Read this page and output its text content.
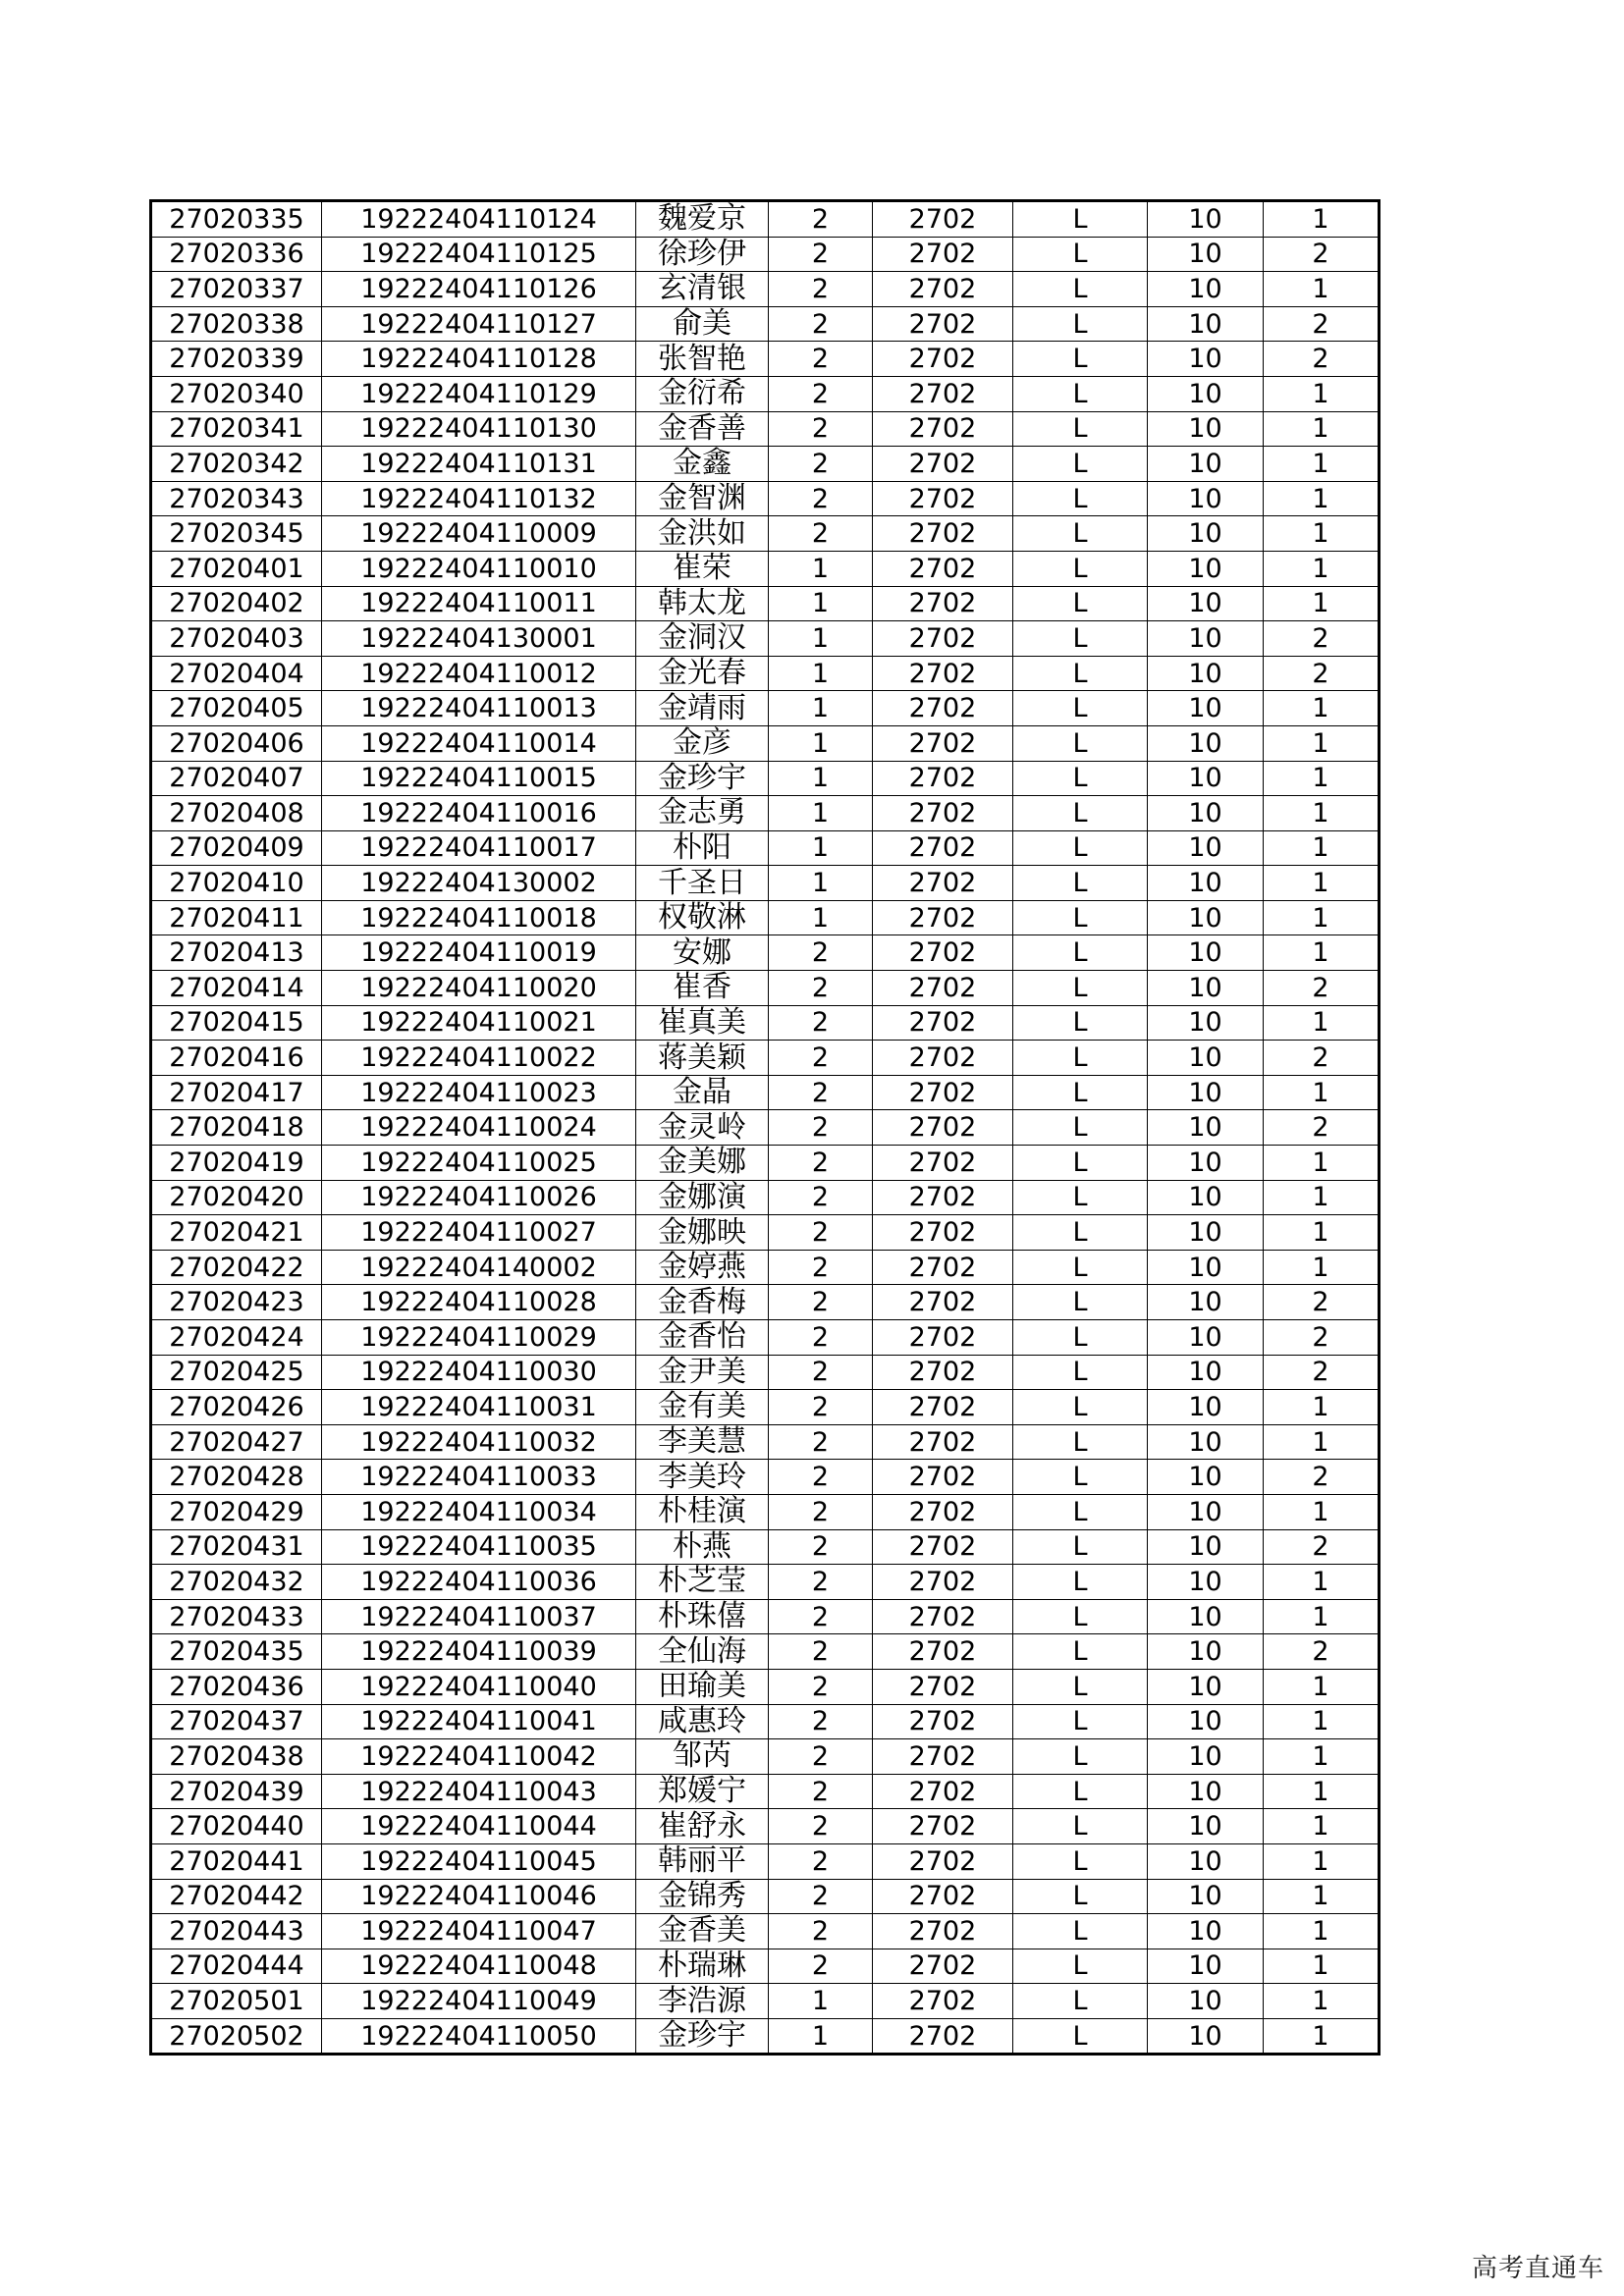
27020335	19222404110124	魏爱京	2	2702	L	10	1
27020336	19222404110125	徐珍伊	2	2702	L	10	2
27020337	19222404110126	玄清银	2	2702	L	10	1
27020338	19222404110127	俞美	2	2702	L	10	2
27020339	19222404110128	张智艳	2	2702	L	10	2
27020340	19222404110129	金衍希	2	2702	L	10	1
27020341	19222404110130	金香善	2	2702	L	10	1
27020342	19222404110131	金鑫	2	2702	L	10	1
27020343	19222404110132	金智渊	2	2702	L	10	1
27020345	19222404110009	金洪如	2	2702	L	10	1
27020401	19222404110010	崔荣	1	2702	L	10	1
27020402	19222404110011	韩太龙	1	2702	L	10	1
27020403	19222404130001	金洞汉	1	2702	L	10	2
27020404	19222404110012	金光春	1	2702	L	10	2
27020405	19222404110013	金靖雨	1	2702	L	10	1
27020406	19222404110014	金彦	1	2702	L	10	1
27020407	19222404110015	金珍宇	1	2702	L	10	1
27020408	19222404110016	金志勇	1	2702	L	10	1
27020409	19222404110017	朴阳	1	2702	L	10	1
27020410	19222404130002	千圣日	1	2702	L	10	1
27020411	19222404110018	权敬淋	1	2702	L	10	1
27020413	19222404110019	安娜	2	2702	L	10	1
27020414	19222404110020	崔香	2	2702	L	10	2
27020415	19222404110021	崔真美	2	2702	L	10	1
27020416	19222404110022	蒋美颖	2	2702	L	10	2
27020417	19222404110023	金晶	2	2702	L	10	1
27020418	19222404110024	金灵岭	2	2702	L	10	2
27020419	19222404110025	金美娜	2	2702	L	10	1
27020420	19222404110026	金娜演	2	2702	L	10	1
27020421	19222404110027	金娜映	2	2702	L	10	1
27020422	19222404140002	金婷燕	2	2702	L	10	1
27020423	19222404110028	金香梅	2	2702	L	10	2
27020424	19222404110029	金香怡	2	2702	L	10	2
27020425	19222404110030	金尹美	2	2702	L	10	2
27020426	19222404110031	金有美	2	2702	L	10	1
27020427	19222404110032	李美慧	2	2702	L	10	1
27020428	19222404110033	李美玲	2	2702	L	10	2
27020429	19222404110034	朴桂演	2	2702	L	10	1
27020431	19222404110035	朴燕	2	2702	L	10	2
27020432	19222404110036	朴芝莹	2	2702	L	10	1
27020433	19222404110037	朴珠僖	2	2702	L	10	1
27020435	19222404110039	全仙海	2	2702	L	10	2
27020436	19222404110040	田瑜美	2	2702	L	10	1
27020437	19222404110041	咸惠玲	2	2702	L	10	1
27020438	19222404110042	邹芮	2	2702	L	10	1
27020439	19222404110043	郑媛宁	2	2702	L	10	1
27020440	19222404110044	崔舒永	2	2702	L	10	1
27020441	19222404110045	韩丽平	2	2702	L	10	1
27020442	19222404110046	金锦秀	2	2702	L	10	1
27020443	19222404110047	金香美	2	2702	L	10	1
27020444	19222404110048	朴瑞琳	2	2702	L	10	1
27020501	19222404110049	李浩源	1	2702	L	10	1
27020502	19222404110050	金珍宇	1	2702	L	10	1
高考直通车
